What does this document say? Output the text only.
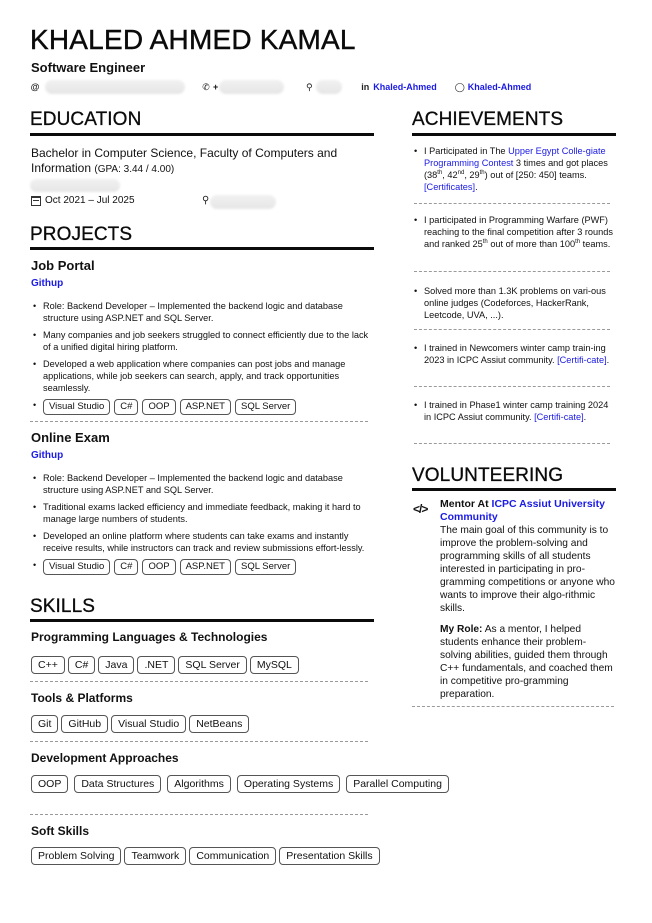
KHALED AHMED KAMAL
Software Engineer
@	✆ +	⚲	in Khaled-Ahmed ◯ Khaled-Ahmed
EDUCATION
Bachelor in Computer Science, Faculty of Computers and Information (GPA: 3.44 / 4.00)
Oct 2021 – Jul 2025	⚲
PROJECTS
Job Portal
Githup
• Role: Backend Developer – Implemented the backend logic and database structure using ASP.NET and SQL Server.
• Many companies and job seekers struggled to connect efficiently due to the lack of a unified digital hiring platform.
• Developed a web application where companies can post jobs and manage applications, while job seekers can search, apply, and track opportunities seamlessly.
• Visual Studio	C#	OOP	ASP.NET	SQL Server
Online Exam
Githup
• Role: Backend Developer – Implemented the backend logic and database structure using ASP.NET and SQL Server.
• Traditional exams lacked efficiency and immediate feedback, making it hard to manage large numbers of students.
• Developed an online platform where students can take exams and instantly receive results, while instructors can track and review submissions effort-lessly.
• Visual Studio	C#	OOP	ASP.NET	SQL Server
SKILLS
Programming Languages & Technologies
C++	C#	Java	.NET	SQL Server	MySQL
Tools & Platforms
Git	GitHub	Visual Studio	NetBeans
Development Approaches
OOP	Data Structures	Algorithms	Operating Systems	Parallel Computing
Soft Skills
Problem Solving	Teamwork	Communication	Presentation Skills
ACHIEVEMENTS
• I Participated in The Upper Egypt Colle-giate Programming Contest 3 times and got places (38th, 42nd, 29th) out of [250: 450] teams.[Certificates].
• I participated in Programming Warfare (PWF) reaching to the final competition after 3 rounds and ranked 25th out of more than 100th teams.
• Solved more than 1.3K problems on vari-ous online judges (Codeforces, HackerRank, Leetcode, UVA, ...).
• I trained in Newcomers winter camp train-ing 2023 in ICPC Assiut community. [Certifi-cate].
• I trained in Phase1 winter camp training 2024 in ICPC Assiut community. [Certifi-cate].
VOLUNTEERING
</> Mentor At ICPC Assiut University Community
The main goal of this community is to improve the problem-solving and programming skills of all students interested in participating in pro-gramming competitions or anyone who wants to improve their algo-rithmic skills.
My Role: As a mentor, I helped students enhance their problem-solving abilities, guided them through C++ fundamentals, and coached them in competitive pro-gramming preparation.
